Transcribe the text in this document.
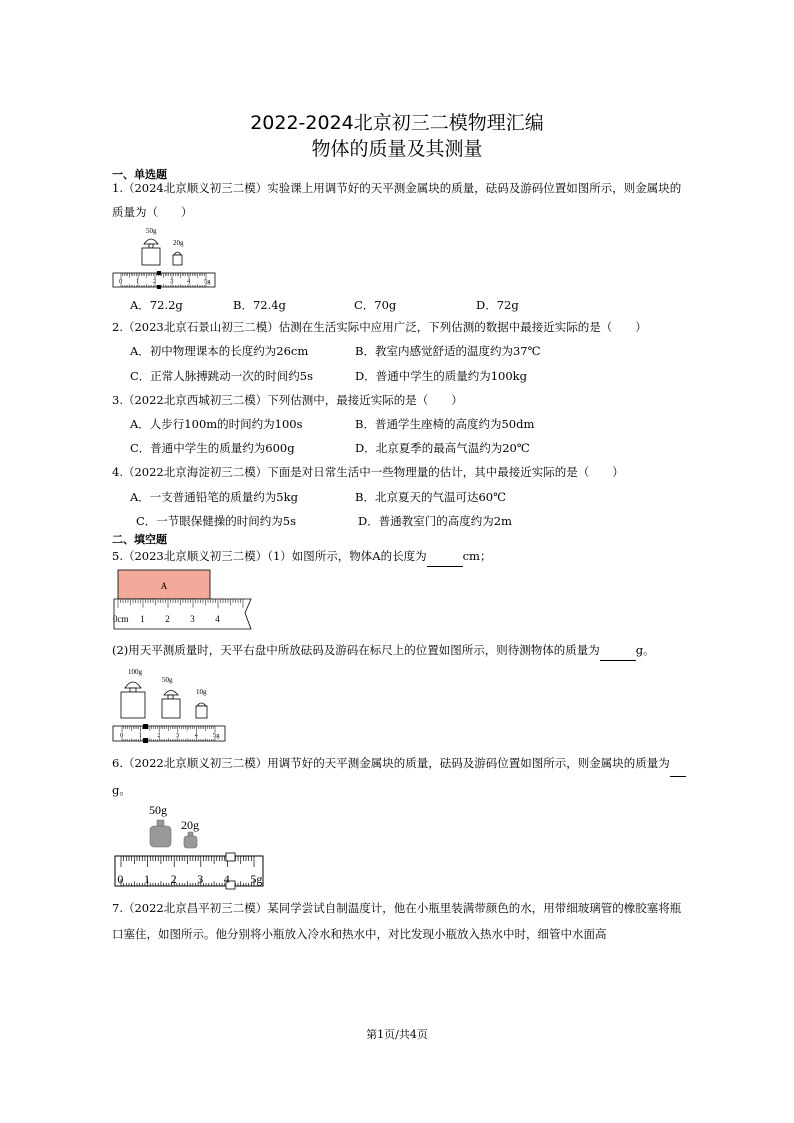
2022-2024北京初三二模物理汇编
物体的质量及其测量
一、单选题
1.（2024北京顺义初三二模）实验课上用调节好的天平测金属块的质量，砝码及游码位置如图所示，则金属块的质量为（　　）
50g
20g
0 1 2 3 4 5g
A．72.2g	B．72.4g	C．70g	D．72g
2.（2023北京石景山初三二模）估测在生活实际中应用广泛，下列估测的数据中最接近实际的是（　　）
A．初中物理课本的长度约为26cm	B．教室内感觉舒适的温度约为37℃
C．正常人脉搏跳动一次的时间约5s	D．普通中学生的质量约为100kg
3.（2022北京西城初三二模）下列估测中，最接近实际的是（　　）
A．人步行100m的时间约为100s	B．普通学生座椅的高度约为50dm
C．普通中学生的质量约为600g	D．北京夏季的最高气温约为20℃
4.（2022北京海淀初三二模）下面是对日常生活中一些物理量的估计，其中最接近实际的是（　　）
A．一支普通铅笔的质量约为5kg	B．北京夏天的气温可达60℃
C．一节眼保健操的时间约为5s	D．普通教室门的高度约为2m
二、填空题
5.（2023北京顺义初三二模）（1）如图所示，物体A的长度为	cm；
A
0cm 1 2 3 4
(2)用天平测质量时，天平右盘中所放砝码及游码在标尺上的位置如图所示，则待测物体的质量为	g。
100g
50g
10g
0 1 2 3 4 5g
6.（2022北京顺义初三二模）用调节好的天平测金属块的质量，砝码及游码位置如图所示，则金属块的质量为 g。
50g
20g
0 1 2 3 4 5g
7.（2022北京昌平初三二模）某同学尝试自制温度计，他在小瓶里装满带颜色的水，用带细玻璃管的橡胶塞将瓶口塞住，如图所示。他分别将小瓶放入冷水和热水中，对比发现小瓶放入热水中时，细管中水面高
第1页/共4页
